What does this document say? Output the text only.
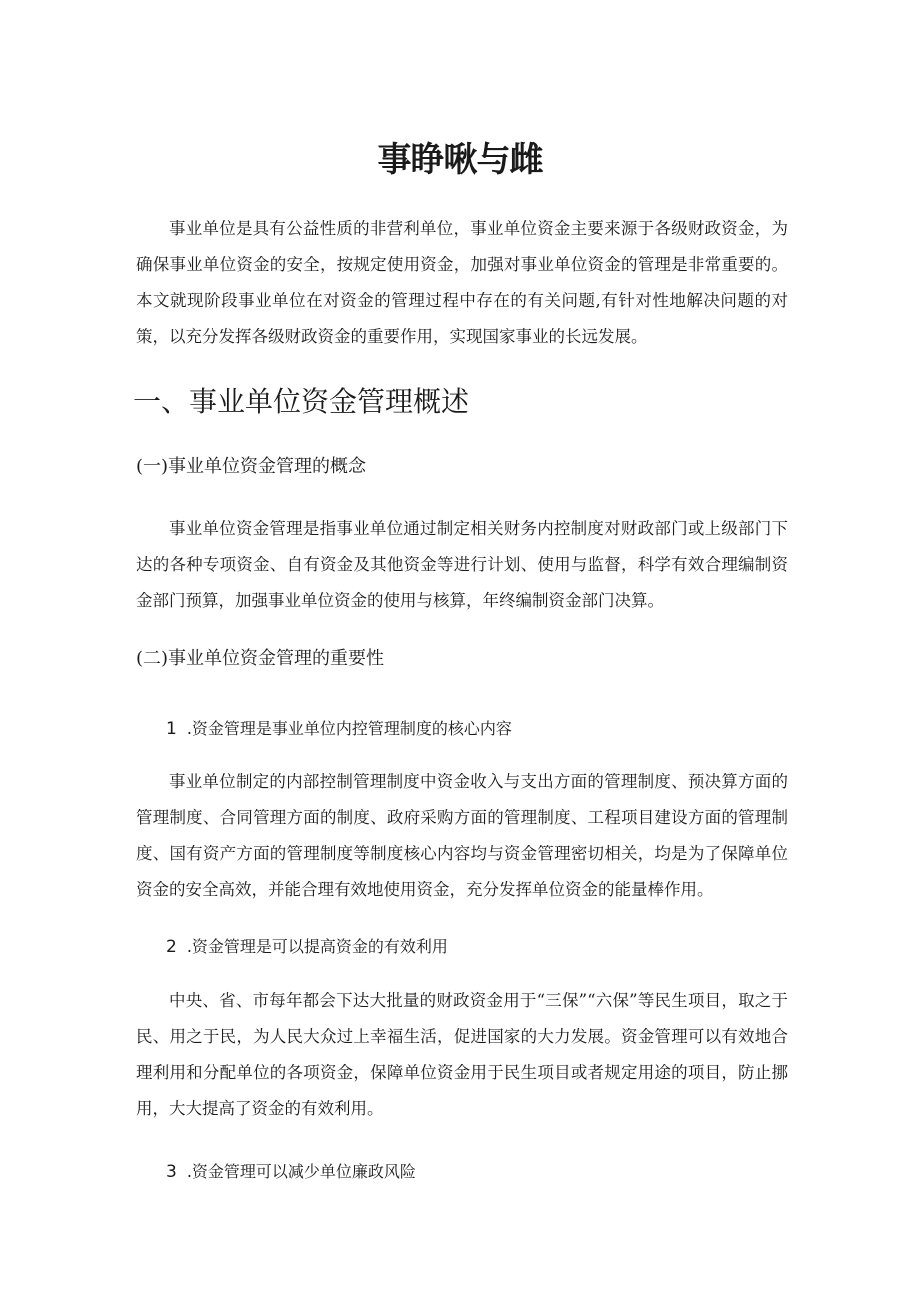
事睁啾与雌

事业单位是具有公益性质的非营利单位，事业单位资金主要来源于各级财政资金，为确保事业单位资金的安全，按规定使用资金，加强对事业单位资金的管理是非常重要的。本文就现阶段事业单位在对资金的管理过程中存在的有关问题,有针对性地解决问题的对策，以充分发挥各级财政资金的重要作用，实现国家事业的长远发展。

一、事业单位资金管理概述
(一)事业单位资金管理的概念

事业单位资金管理是指事业单位通过制定相关财务内控制度对财政部门或上级部门下达的各种专项资金、自有资金及其他资金等进行计划、使用与监督，科学有效合理编制资金部门预算，加强事业单位资金的使用与核算，年终编制资金部门决算。

(二)事业单位资金管理的重要性
1 .资金管理是事业单位内控管理制度的核心内容

事业单位制定的内部控制管理制度中资金收入与支出方面的管理制度、预决算方面的管理制度、合同管理方面的制度、政府采购方面的管理制度、工程项目建设方面的管理制度、国有资产方面的管理制度等制度核心内容均与资金管理密切相关，均是为了保障单位资金的安全高效，并能合理有效地使用资金，充分发挥单位资金的能量棒作用。

2 .资金管理是可以提高资金的有效利用

中央、省、市每年都会下达大批量的财政资金用于“三保”“六保”等民生项目，取之于民、用之于民，为人民大众过上幸福生活，促进国家的大力发展。资金管理可以有效地合理利用和分配单位的各项资金，保障单位资金用于民生项目或者规定用途的项目，防止挪用，大大提高了资金的有效利用。

3 .资金管理可以减少单位廉政风险
